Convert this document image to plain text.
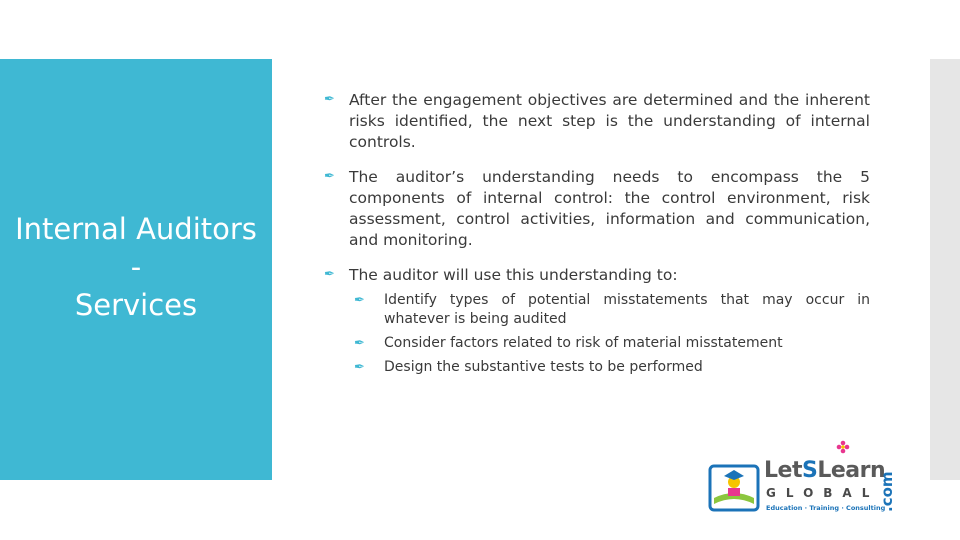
Internal Auditors
-
Services
✒ After the engagement objectives are determined and the inherent risks identified, the next step is the understanding of internal controls.
✒ The auditor’s understanding needs to encompass the 5 components of internal control: the control environment, risk assessment, control activities, information and communication, and monitoring.
✒ The auditor will use this understanding to:
✒ Identify types of potential misstatements that may occur in whatever is being audited
✒ Consider factors related to risk of material misstatement
✒ Design the substantive tests to be performed
LetSLearn
GLOBAL
Education · Training · Consulting
.com
